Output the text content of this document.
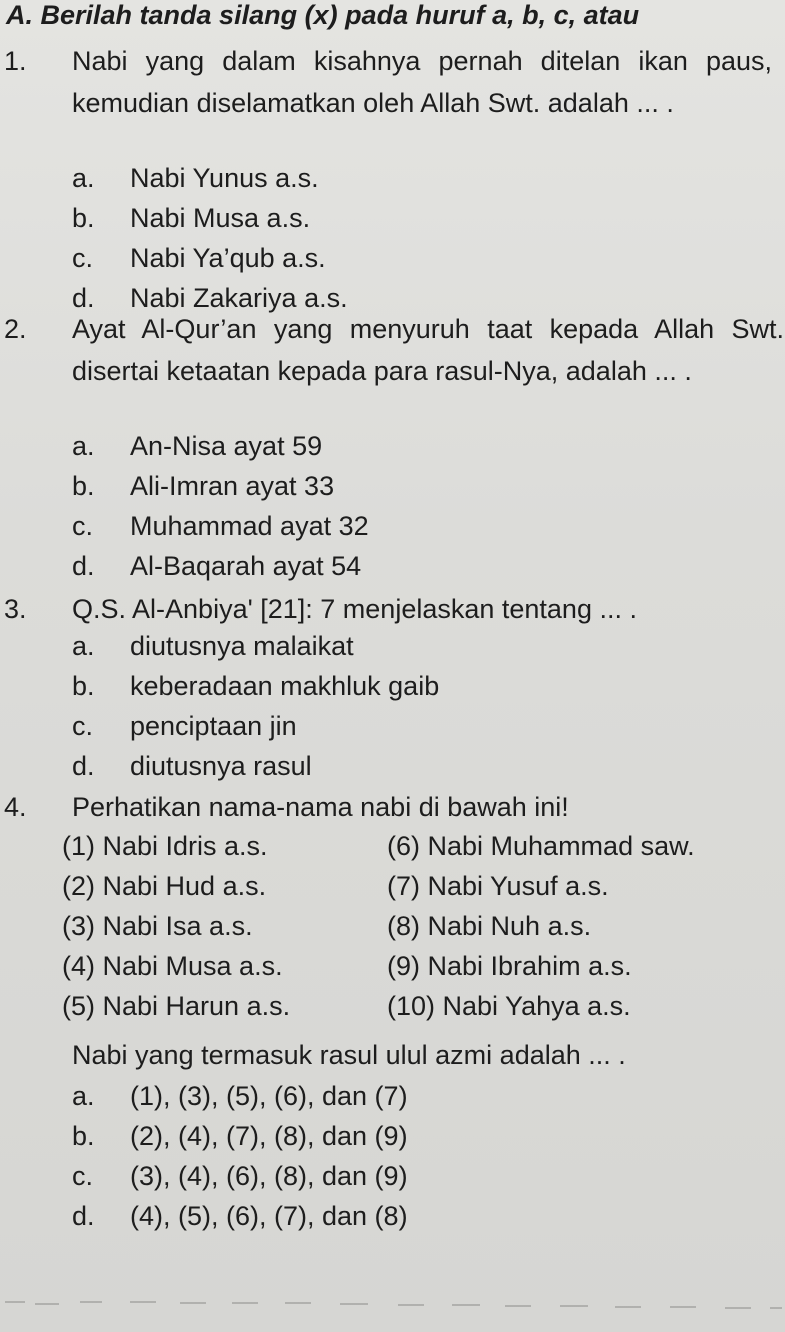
A. Berilah tanda silang (x) pada huruf a, b, c, atau
1. Nabi yang dalam kisahnya pernah ditelan ikan paus, kemudian diselamatkan oleh Allah Swt. adalah ... .
a. Nabi Yunus a.s.
b. Nabi Musa a.s.
c. Nabi Ya’qub a.s.
d. Nabi Zakariya a.s.
2. Ayat Al-Qur’an yang menyuruh taat kepada Allah Swt. disertai ketaatan kepada para rasul-Nya, adalah ... .
a. An-Nisa ayat 59
b. Ali-Imran ayat 33
c. Muhammad ayat 32
d. Al-Baqarah ayat 54
3. Q.S. Al-Anbiya' [21]: 7 menjelaskan tentang ... .
a. diutusnya malaikat
b. keberadaan makhluk gaib
c. penciptaan jin
d. diutusnya rasul
4. Perhatikan nama-nama nabi di bawah ini!
(1) Nabi Idris a.s.	(6) Nabi Muhammad saw.
(2) Nabi Hud a.s.	(7) Nabi Yusuf a.s.
(3) Nabi Isa a.s.	(8) Nabi Nuh a.s.
(4) Nabi Musa a.s.	(9) Nabi Ibrahim a.s.
(5) Nabi Harun a.s.	(10) Nabi Yahya a.s.
Nabi yang termasuk rasul ulul azmi adalah ... .
a. (1), (3), (5), (6), dan (7)
b. (2), (4), (7), (8), dan (9)
c. (3), (4), (6), (8), dan (9)
d. (4), (5), (6), (7), dan (8)
